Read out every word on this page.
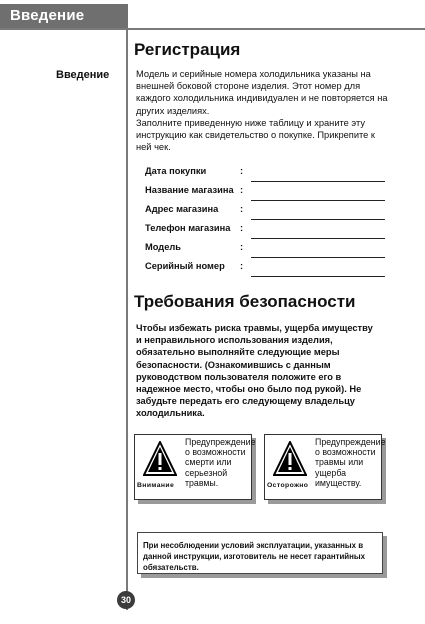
Введение
Введение
Регистрация

Модель и серийные номера холодильника указаны на внешней боковой стороне изделия. Этот номер для каждого холодильника индивидуален и не повторяется на других изделиях.

Заполните приведенную ниже таблицу и храните эту инструкцию как свидетельство о покупке. Прикрепите к ней чек.

Дата покупки	:
Название магазина :
Адрес магазина :
Телефон магазина :
Модель	:
Серийный номер :
Требования безопасности
Чтобы избежать риска травмы, ущерба имуществу и неправильного использования изделия, обязательно выполняйте следующие меры безопасности. (Ознакомившись с данным руководством пользователя положите его в надежное место, чтобы оно было под рукой). Не забудьте передать его следующему владельцу холодильника.
Внимание
Предупреждение о возможности смерти или серьезной травмы.	Осторожно
Предупреждение о возможности травмы или ущерба имуществу.
При несоблюдении условий эксплуатации, указанных в данной инструкции, изготовитель не несет гарантийных обязательств.
30
